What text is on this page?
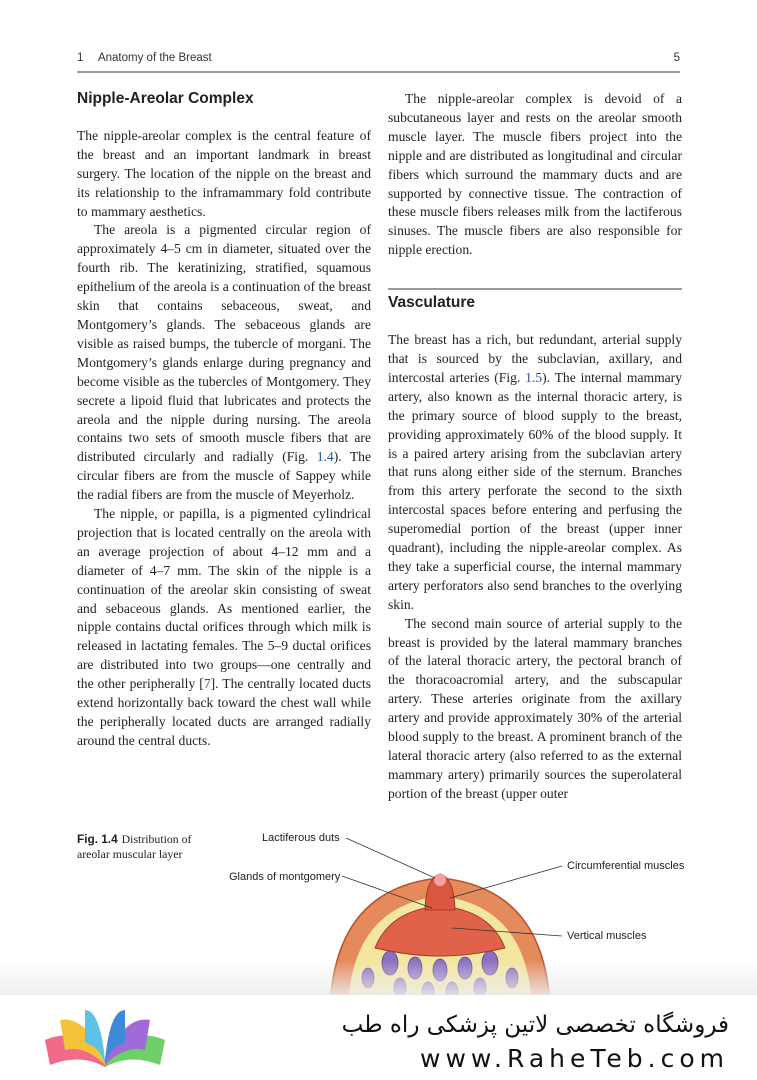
1 Anatomy of the Breast	5
Nipple-Areolar Complex

The nipple-areolar complex is the central feature of the breast and an important landmark in breast surgery. The location of the nipple on the breast and its relationship to the inframammary fold contribute to mammary aesthetics.

The areola is a pigmented circular region of approximately 4–5 cm in diameter, situated over the fourth rib. The keratinizing, stratified, squamous epithelium of the areola is a continuation of the breast skin that contains sebaceous, sweat, and Montgomery’s glands. The sebaceous glands are visible as raised bumps, the tubercle of morgani. The Montgomery’s glands enlarge during pregnancy and become visible as the tubercles of Montgomery. They secrete a lipoid fluid that lubricates and protects the areola and the nipple during nursing. The areola contains two sets of smooth muscle fibers that are distributed circularly and radially (Fig. 1.4). The circular fibers are from the muscle of Sappey while the radial fibers are from the muscle of Meyerholz.

The nipple, or papilla, is a pigmented cylindrical projection that is located centrally on the areola with an average projection of about 4–12 mm and a diameter of 4–7 mm. The skin of the nipple is a continuation of the areolar skin consisting of sweat and sebaceous glands. As mentioned earlier, the nipple contains ductal orifices through which milk is released in lactating females. The 5–9 ductal orifices are distributed into two groups—one centrally and the other peripherally [7]. The centrally located ducts extend horizontally back toward the chest wall while the peripherally located ducts are arranged radially around the central ducts.

The nipple-areolar complex is devoid of a subcutaneous layer and rests on the areolar smooth muscle layer. The muscle fibers project into the nipple and are distributed as longitudinal and circular fibers which surround the mammary ducts and are supported by connective tissue. The contraction of these muscle fibers releases milk from the lactiferous sinuses. The muscle fibers are also responsible for nipple erection.

Vasculature

The breast has a rich, but redundant, arterial supply that is sourced by the subclavian, axillary, and intercostal arteries (Fig. 1.5). The internal mammary artery, also known as the internal thoracic artery, is the primary source of blood supply to the breast, providing approximately 60% of the blood supply. It is a paired artery arising from the subclavian artery that runs along either side of the sternum. Branches from this artery perforate the second to the sixth intercostal spaces before entering and perfusing the superomedial portion of the breast (upper inner quadrant), including the nipple-areolar complex. As they take a superficial course, the internal mammary artery perforators also send branches to the overlying skin.

The second main source of arterial supply to the breast is provided by the lateral mammary branches of the lateral thoracic artery, the pectoral branch of the thoracoacromial artery, and the subscapular artery. These arteries originate from the axillary artery and provide approximately 30% of the arterial blood supply to the breast. A prominent branch of the lateral thoracic artery (also referred to as the external mammary artery) primarily sources the superolateral portion of the breast (upper outer

Fig. 1.4 Distribution of areolar muscular layer
Lactiferous duts
Glands of montgomery
Circumferential muscles
Vertical muscles
فروشگاه تخصصی لاتین پزشکی راه طب
www.RaheTeb.com
